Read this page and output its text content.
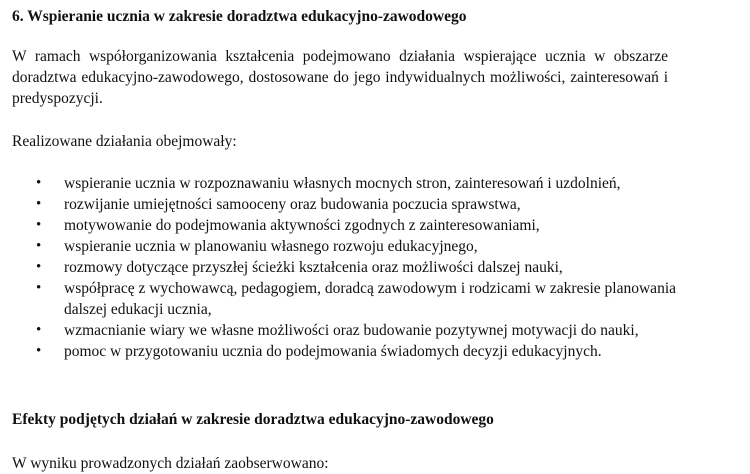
6. Wspieranie ucznia w zakresie doradztwa edukacyjno-zawodowego

W ramach współorganizowania kształcenia podejmowano działania wspierające ucznia w obszarze doradztwa edukacyjno-zawodowego, dostosowane do jego indywidualnych możliwości, zainteresowań i predyspozycji.

Realizowane działania obejmowały:

• wspieranie ucznia w rozpoznawaniu własnych mocnych stron, zainteresowań i uzdolnień,
• rozwijanie umiejętności samooceny oraz budowania poczucia sprawstwa,
• motywowanie do podejmowania aktywności zgodnych z zainteresowaniami,
• wspieranie ucznia w planowaniu własnego rozwoju edukacyjnego,
• rozmowy dotyczące przyszłej ścieżki kształcenia oraz możliwości dalszej nauki,
• współpracę z wychowawcą, pedagogiem, doradcą zawodowym i rodzicami w zakresie planowania dalszej edukacji ucznia,
• wzmacnianie wiary we własne możliwości oraz budowanie pozytywnej motywacji do nauki,
• pomoc w przygotowaniu ucznia do podejmowania świadomych decyzji edukacyjnych.
Efekty podjętych działań w zakresie doradztwa edukacyjno-zawodowego

W wyniku prowadzonych działań zaobserwowano:
